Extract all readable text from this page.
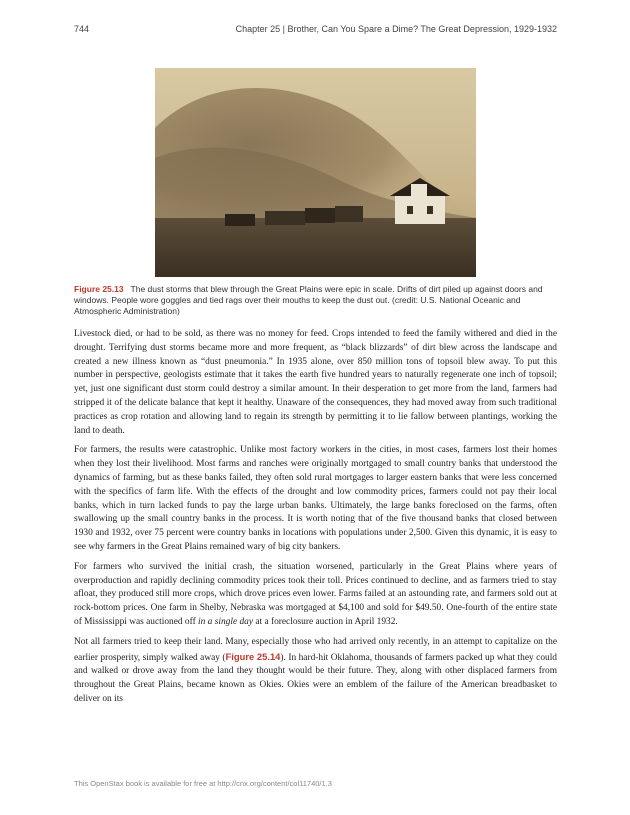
744	Chapter 25 | Brother, Can You Spare a Dime? The Great Depression, 1929-1932
Figure 25.13 The dust storms that blew through the Great Plains were epic in scale. Drifts of dirt piled up against doors and windows. People wore goggles and tied rags over their mouths to keep the dust out. (credit: U.S. National Oceanic and Atmospheric Administration)

Livestock died, or had to be sold, as there was no money for feed. Crops intended to feed the family withered and died in the drought. Terrifying dust storms became more and more frequent, as “black blizzards” of dirt blew across the landscape and created a new illness known as “dust pneumonia.” In 1935 alone, over 850 million tons of topsoil blew away. To put this number in perspective, geologists estimate that it takes the earth five hundred years to naturally regenerate one inch of topsoil; yet, just one significant dust storm could destroy a similar amount. In their desperation to get more from the land, farmers had stripped it of the delicate balance that kept it healthy. Unaware of the consequences, they had moved away from such traditional practices as crop rotation and allowing land to regain its strength by permitting it to lie fallow between plantings, working the land to death.

For farmers, the results were catastrophic. Unlike most factory workers in the cities, in most cases, farmers lost their homes when they lost their livelihood. Most farms and ranches were originally mortgaged to small country banks that understood the dynamics of farming, but as these banks failed, they often sold rural mortgages to larger eastern banks that were less concerned with the specifics of farm life. With the effects of the drought and low commodity prices, farmers could not pay their local banks, which in turn lacked funds to pay the large urban banks. Ultimately, the large banks foreclosed on the farms, often swallowing up the small country banks in the process. It is worth noting that of the five thousand banks that closed between 1930 and 1932, over 75 percent were country banks in locations with populations under 2,500. Given this dynamic, it is easy to see why farmers in the Great Plains remained wary of big city bankers.

For farmers who survived the initial crash, the situation worsened, particularly in the Great Plains where years of overproduction and rapidly declining commodity prices took their toll. Prices continued to decline, and as farmers tried to stay afloat, they produced still more crops, which drove prices even lower. Farms failed at an astounding rate, and farmers sold out at rock-bottom prices. One farm in Shelby, Nebraska was mortgaged at $4,100 and sold for $49.50. One-fourth of the entire state of Mississippi was auctioned off in a single day at a foreclosure auction in April 1932.

Not all farmers tried to keep their land. Many, especially those who had arrived only recently, in an attempt to capitalize on the earlier prosperity, simply walked away (Figure 25.14). In hard-hit Oklahoma, thousands of farmers packed up what they could and walked or drove away from the land they thought would be their future. They, along with other displaced farmers from throughout the Great Plains, became known as Okies. Okies were an emblem of the failure of the American breadbasket to deliver on its

This OpenStax book is available for free at http://cnx.org/content/col11740/1.3
